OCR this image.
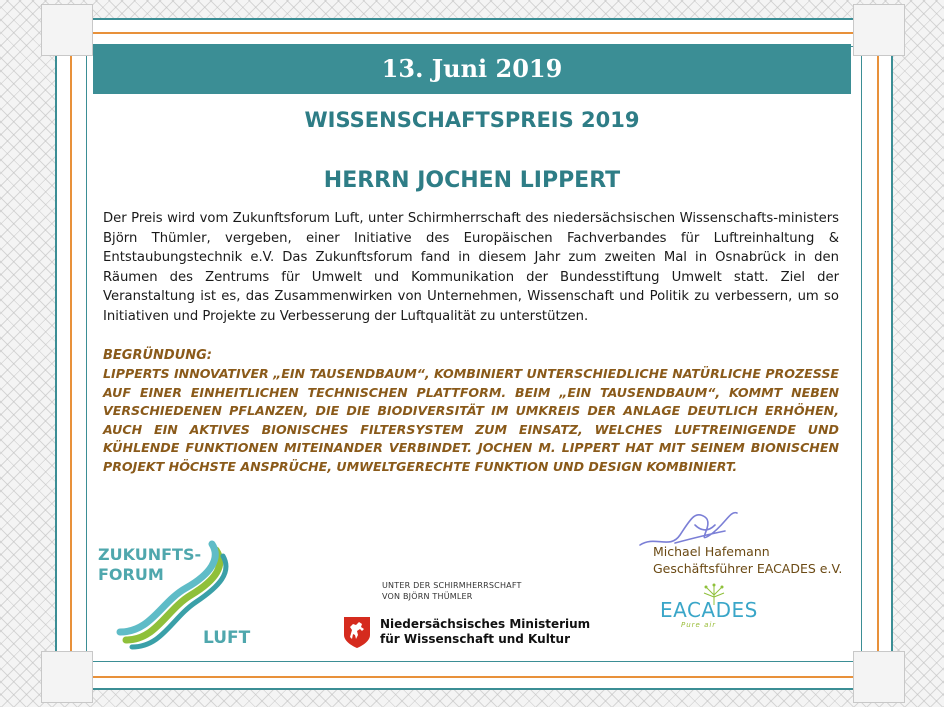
13. Juni 2019
WISSENSCHAFTSPREIS 2019
HERRN JOCHEN LIPPERT
Der Preis wird vom Zukunftsforum Luft, unter Schirmherrschaft des niedersächsischen Wissenschafts-ministers Björn Thümler, vergeben, einer Initiative des Europäischen Fachverbandes für Luftreinhaltung & Entstaubungstechnik e.V. Das Zukunftsforum fand in diesem Jahr zum zweiten Mal in Osnabrück in den Räumen des Zentrums für Umwelt und Kommunikation der Bundesstiftung Umwelt statt. Ziel der Veranstaltung ist es, das Zusammenwirken von Unternehmen, Wissenschaft und Politik zu verbessern, um so Initiativen und Projekte zu Verbesserung der Luftqualität zu unterstützen.
BEGRÜNDUNG:
LIPPERTS INNOVATIVER „EIN TAUSENDBAUM“, KOMBINIERT UNTERSCHIEDLICHE NATÜRLICHE PROZESSE AUF EINER EINHEITLICHEN TECHNISCHEN PLATTFORM. BEIM „EIN TAUSENDBAUM“, KOMMT NEBEN VERSCHIEDENEN PFLANZEN, DIE DIE BIODIVERSITÄT IM UMKREIS DER ANLAGE DEUTLICH ERHÖHEN, AUCH EIN AKTIVES BIONISCHES FILTERSYSTEM ZUM EINSATZ, WELCHES LUFTREINIGENDE UND KÜHLENDE FUNKTIONEN MITEINANDER VERBINDET. JOCHEN M. LIPPERT HAT MIT SEINEM BIONISCHEN PROJEKT HÖCHSTE ANSPRÜCHE, UMWELTGERECHTE FUNKTION UND DESIGN KOMBINIERT.
ZUKUNFTS-
FORUM
LUFT
UNTER DER SCHIRMHERRSCHAFT
VON BJÖRN THÜMLER
Niedersächsisches Ministerium
für Wissenschaft und Kultur
Michael Hafemann
Geschäftsführer EACADES e.V.
EACADES
Pure air
